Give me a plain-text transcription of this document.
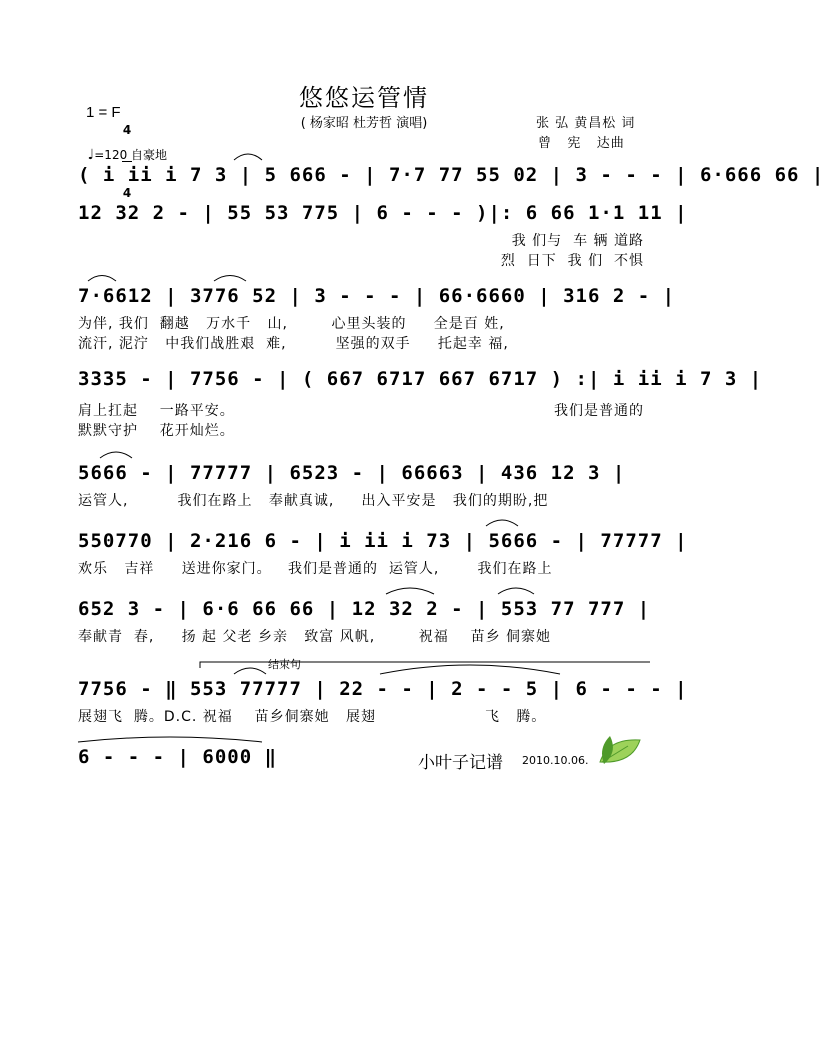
悠悠运管情
( 杨家昭 杜芳哲 演唱)
1 = F

4

4

♩=120 自豪地

张 弘 黄昌松 词
曾   宪   达曲
( i ii i 7 3 | 5 666 - | 7·7 77 55 02 | 3 - - - | 6·666 66 |
12 32 2 - | 55 53 775 | 6 - - - )|: 6 66 1·1 11 |
我 们与  车 辆 道路
烈  日下  我 们  不惧
7·6612 | 3776 52 | 3 - - - | 66·6660 | 316 2 - |
为伴, 我们  翻越   万水千   山,        心里头装的     全是百 姓,
流汗, 泥泞   中我们战胜艰  难,         坚强的双手     托起幸 福,
3335 - | 7756 - | ( 667 6717 667 6717 ) :| i ii i 7 3 |
肩上扛起    一路平安。
默默守护    花开灿烂。
我们是普通的
5666 - | 77777 | 6523 - | 66663 | 436 12 3 |
运管人,         我们在路上   奉献真诚,     出入平安是   我们的期盼,把
550770 | 2·216 6 - | i ii i 73 | 5666 - | 77777 |
欢乐   吉祥     送进你家门。   我们是普通的  运管人,       我们在路上
652 3 - | 6·6 66 66 | 12 32 2 - | 553 77 777 |
奉献青  春,     扬 起 父老 乡亲   致富 风帆,        祝福    苗乡 侗寨她
结束句
7756 - ‖ 553 77777 | 22 - - | 2 - - 5 | 6 - - - |
展翅飞  腾。D.C. 祝福    苗乡侗寨她   展翅                    飞   腾。
6 - - - | 6000 ‖	小叶子记谱 2010.10.06.
